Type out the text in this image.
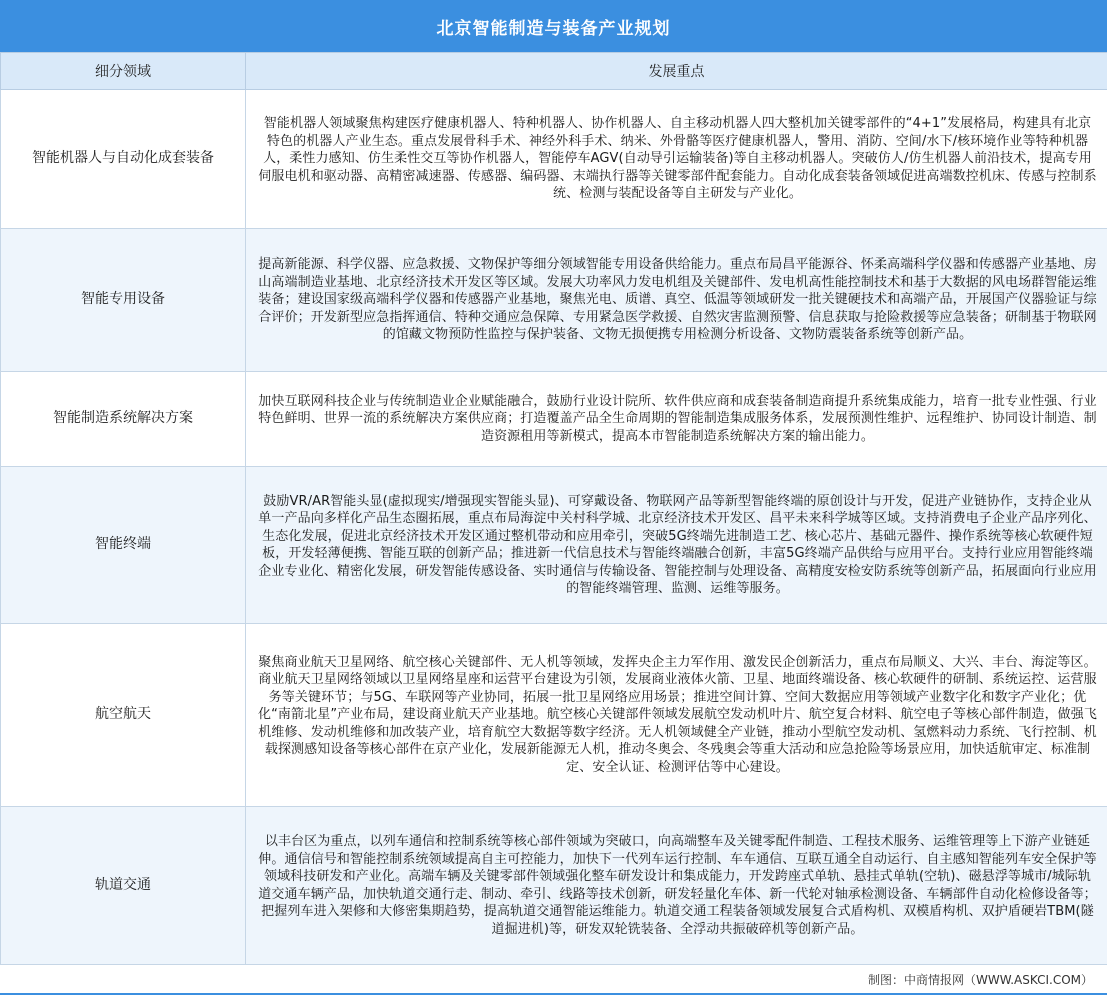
北京智能制造与装备产业规划
细分领域	发展重点
智能机器人与自动化成套装备	智能机器人领域聚焦构建医疗健康机器人、特种机器人、协作机器人、自主移动机器人四大整机加关键零部件的“4+1”发展格局，构建具有北京特色的机器人产业生态。重点发展骨科手术、神经外科手术、纳米、外骨骼等医疗健康机器人，警用、消防、空间/水下/核环境作业等特种机器人，柔性力感知、仿生柔性交互等协作机器人，智能停车AGV(自动导引运输装备)等自主移动机器人。突破仿人/仿生机器人前沿技术，提高专用伺服电机和驱动器、高精密减速器、传感器、编码器、末端执行器等关键零部件配套能力。自动化成套装备领域促进高端数控机床、传感与控制系统、检测与装配设备等自主研发与产业化。
智能专用设备	提高新能源、科学仪器、应急救援、文物保护等细分领域智能专用设备供给能力。重点布局昌平能源谷、怀柔高端科学仪器和传感器产业基地、房山高端制造业基地、北京经济技术开发区等区域。发展大功率风力发电机组及关键部件、发电机高性能控制技术和基于大数据的风电场群智能运维装备；建设国家级高端科学仪器和传感器产业基地，聚焦光电、质谱、真空、低温等领域研发一批关键硬技术和高端产品，开展国产仪器验证与综合评价；开发新型应急指挥通信、特种交通应急保障、专用紧急医学救援、自然灾害监测预警、信息获取与抢险救援等应急装备；研制基于物联网的馆藏文物预防性监控与保护装备、文物无损便携专用检测分析设备、文物防震装备系统等创新产品。
智能制造系统解决方案	加快互联网科技企业与传统制造业企业赋能融合，鼓励行业设计院所、软件供应商和成套装备制造商提升系统集成能力，培育一批专业性强、行业特色鲜明、世界一流的系统解决方案供应商；打造覆盖产品全生命周期的智能制造集成服务体系，发展预测性维护、远程维护、协同设计制造、制造资源租用等新模式，提高本市智能制造系统解决方案的输出能力。
智能终端	鼓励VR/AR智能头显(虚拟现实/增强现实智能头显)、可穿戴设备、物联网产品等新型智能终端的原创设计与开发，促进产业链协作，支持企业从单一产品向多样化产品生态圈拓展，重点布局海淀中关村科学城、北京经济技术开发区、昌平未来科学城等区域。支持消费电子企业产品序列化、生态化发展，促进北京经济技术开发区通过整机带动和应用牵引，突破5G终端先进制造工艺、核心芯片、基础元器件、操作系统等核心软硬件短板，开发轻薄便携、智能互联的创新产品；推进新一代信息技术与智能终端融合创新，丰富5G终端产品供给与应用平台。支持行业应用智能终端企业专业化、精密化发展，研发智能传感设备、实时通信与传输设备、智能控制与处理设备、高精度安检安防系统等创新产品，拓展面向行业应用的智能终端管理、监测、运维等服务。
航空航天	聚焦商业航天卫星网络、航空核心关键部件、无人机等领域，发挥央企主力军作用、激发民企创新活力，重点布局顺义、大兴、丰台、海淀等区。商业航天卫星网络领域以卫星网络星座和运营平台建设为引领，发展商业液体火箭、卫星、地面终端设备、核心软硬件的研制、系统运控、运营服务等关键环节；与5G、车联网等产业协同，拓展一批卫星网络应用场景；推进空间计算、空间大数据应用等领域产业数字化和数字产业化；优化“南箭北星”产业布局，建设商业航天产业基地。航空核心关键部件领域发展航空发动机叶片、航空复合材料、航空电子等核心部件制造，做强飞机维修、发动机维修和加改装产业，培育航空大数据等数字经济。无人机领域健全产业链，推动小型航空发动机、氢燃料动力系统、飞行控制、机载探测感知设备等核心部件在京产业化，发展新能源无人机，推动冬奥会、冬残奥会等重大活动和应急抢险等场景应用，加快适航审定、标准制定、安全认证、检测评估等中心建设。
轨道交通	以丰台区为重点，以列车通信和控制系统等核心部件领域为突破口，向高端整车及关键零配件制造、工程技术服务、运维管理等上下游产业链延伸。通信信号和智能控制系统领域提高自主可控能力，加快下一代列车运行控制、车车通信、互联互通全自动运行、自主感知智能列车安全保护等领域科技研发和产业化。高端车辆及关键零部件领域强化整车研发设计和集成能力，开发跨座式单轨、悬挂式单轨(空轨)、磁悬浮等城市/城际轨道交通车辆产品，加快轨道交通行走、制动、牵引、线路等技术创新，研发轻量化车体、新一代轮对轴承检测设备、车辆部件自动化检修设备等；把握列车进入架修和大修密集期趋势，提高轨道交通智能运维能力。轨道交通工程装备领域发展复合式盾构机、双模盾构机、双护盾硬岩TBM(隧道掘进机)等，研发双轮铣装备、全浮动共振破碎机等创新产品。
制图：中商情报网（WWW.ASKCI.COM）
